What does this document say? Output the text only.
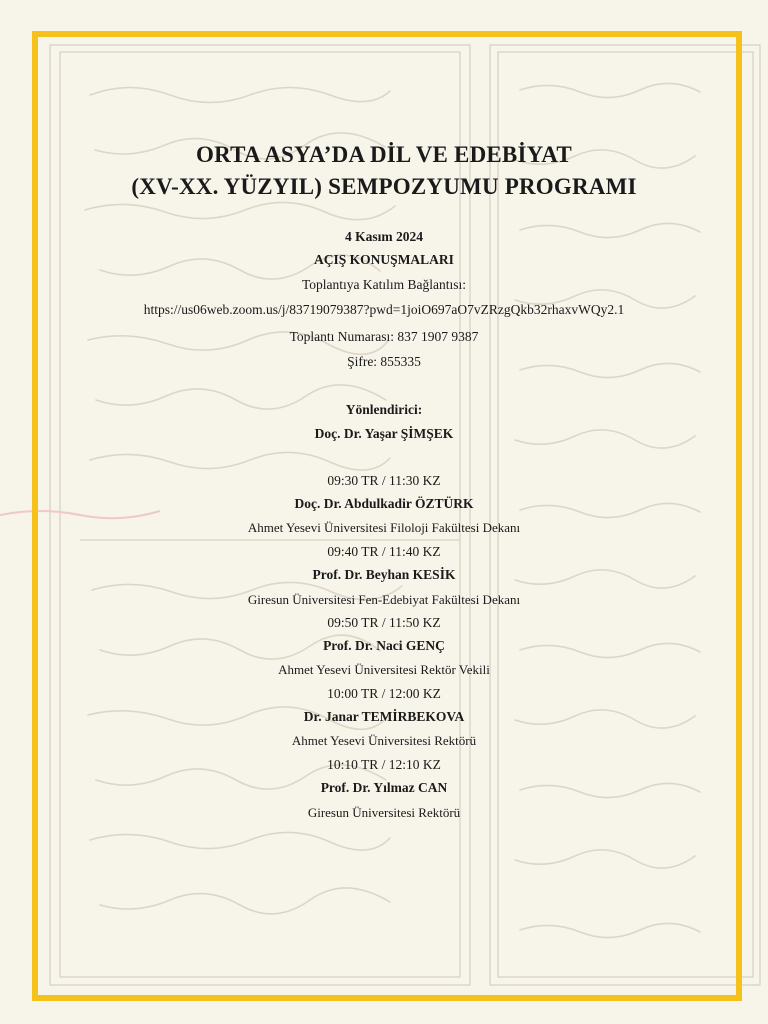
ORTA ASYA’DA DİL VE EDEBİYAT
(XV-XX. YÜZYIL) SEMPOZYUMU PROGRAMI
4 Kasım 2024
AÇIŞ KONUŞMALARI
Toplantıya Katılım Bağlantısı:
https://us06web.zoom.us/j/83719079387?pwd=1joiO697aO7vZRzgQkb32rhaxvWQy2.1
Toplantı Numarası: 837 1907 9387
Şifre: 855335
Yönlendirici:
Doç. Dr. Yaşar ŞİMŞEK
09:30 TR / 11:30 KZ
Doç. Dr. Abdulkadir ÖZTÜRK
Ahmet Yesevi Üniversitesi Filoloji Fakültesi Dekanı
09:40 TR / 11:40 KZ
Prof. Dr. Beyhan KESİK
Giresun Üniversitesi Fen-Edebiyat Fakültesi Dekanı
09:50 TR / 11:50 KZ
Prof. Dr. Naci GENÇ
Ahmet Yesevi Üniversitesi Rektör Vekili
10:00 TR / 12:00 KZ
Dr. Janar TEMİRBEKOVA
Ahmet Yesevi Üniversitesi Rektörü
10:10 TR / 12:10 KZ
Prof. Dr. Yılmaz CAN
Giresun Üniversitesi Rektörü
